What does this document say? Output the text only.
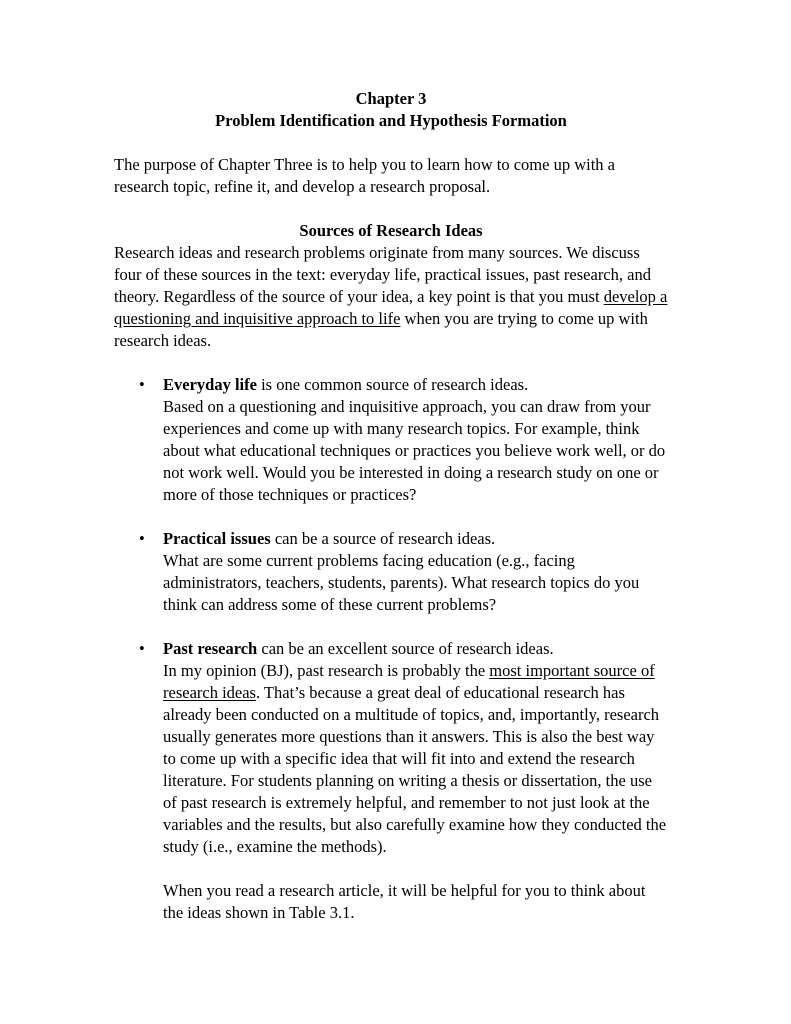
Chapter 3
Problem Identification and Hypothesis Formation

The purpose of Chapter Three is to help you to learn how to come up with a research topic, refine it, and develop a research proposal.

Sources of Research Ideas

Research ideas and research problems originate from many sources. We discuss four of these sources in the text: everyday life, practical issues, past research, and theory. Regardless of the source of your idea, a key point is that you must develop a questioning and inquisitive approach to life when you are trying to come up with research ideas.

• Everyday life is one common source of research ideas.
Based on a questioning and inquisitive approach, you can draw from your experiences and come up with many research topics. For example, think about what educational techniques or practices you believe work well, or do not work well. Would you be interested in doing a research study on one or more of those techniques or practices?
• Practical issues can be a source of research ideas.
What are some current problems facing education (e.g., facing administrators, teachers, students, parents). What research topics do you think can address some of these current problems?
• Past research can be an excellent source of research ideas.
In my opinion (BJ), past research is probably the most important source of research ideas. That’s because a great deal of educational research has already been conducted on a multitude of topics, and, importantly, research usually generates more questions than it answers. This is also the best way to come up with a specific idea that will fit into and extend the research literature. For students planning on writing a thesis or dissertation, the use of past research is extremely helpful, and remember to not just look at the variables and the results, but also carefully examine how they conducted the study (i.e., examine the methods).

When you read a research article, it will be helpful for you to think about the ideas shown in Table 3.1.
